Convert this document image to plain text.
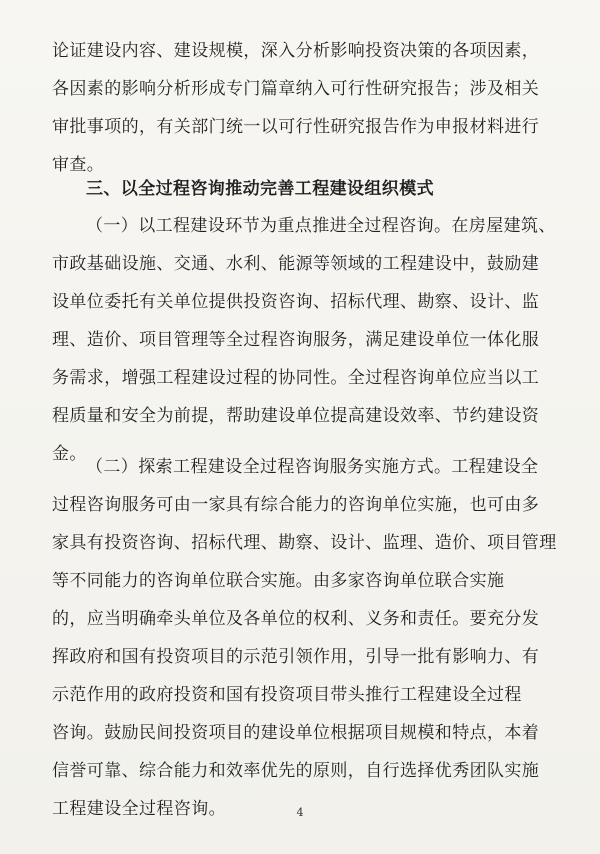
论证建设内容、建设规模，深入分析影响投资决策的各项因素，
各因素的影响分析形成专门篇章纳入可行性研究报告；涉及相关
审批事项的，有关部门统一以可行性研究报告作为申报材料进行
审查。
三、以全过程咨询推动完善工程建设组织模式
（一）以工程建设环节为重点推进全过程咨询。在房屋建筑、
市政基础设施、交通、水利、能源等领域的工程建设中，鼓励建
设单位委托有关单位提供投资咨询、招标代理、勘察、设计、监
理、造价、项目管理等全过程咨询服务，满足建设单位一体化服
务需求，增强工程建设过程的协同性。全过程咨询单位应当以工
程质量和安全为前提，帮助建设单位提高建设效率、节约建设资
金。
（二）探索工程建设全过程咨询服务实施方式。工程建设全
过程咨询服务可由一家具有综合能力的咨询单位实施，也可由多
家具有投资咨询、招标代理、勘察、设计、监理、造价、项目管理
等不同能力的咨询单位联合实施。由多家咨询单位联合实施
的，应当明确牵头单位及各单位的权利、义务和责任。要充分发
挥政府和国有投资项目的示范引领作用，引导一批有影响力、有
示范作用的政府投资和国有投资项目带头推行工程建设全过程
咨询。鼓励民间投资项目的建设单位根据项目规模和特点，本着
信誉可靠、综合能力和效率优先的原则，自行选择优秀团队实施
工程建设全过程咨询。	4
